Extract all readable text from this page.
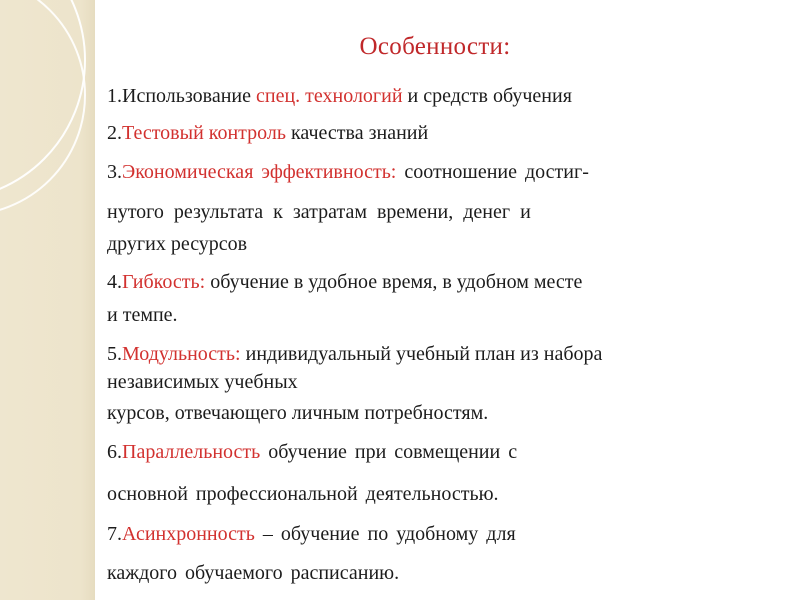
Особенности:
1.Использование спец. технологий и средств обучения
2.Тестовый контроль качества знаний
3.Экономическая эффективность: соотношение достиг-
нутого результата к затратам времени, денег и
других ресурсов
4.Гибкость: обучение в удобное время, в удобном месте
и темпе.
5.Модульность: индивидуальный учебный план из набора
независимых учебных
курсов, отвечающего личным потребностям.
6.Параллельность обучение при совмещении с
основной профессиональной деятельностью.
7.Асинхронность – обучение по удобному для
каждого обучаемого расписанию.
